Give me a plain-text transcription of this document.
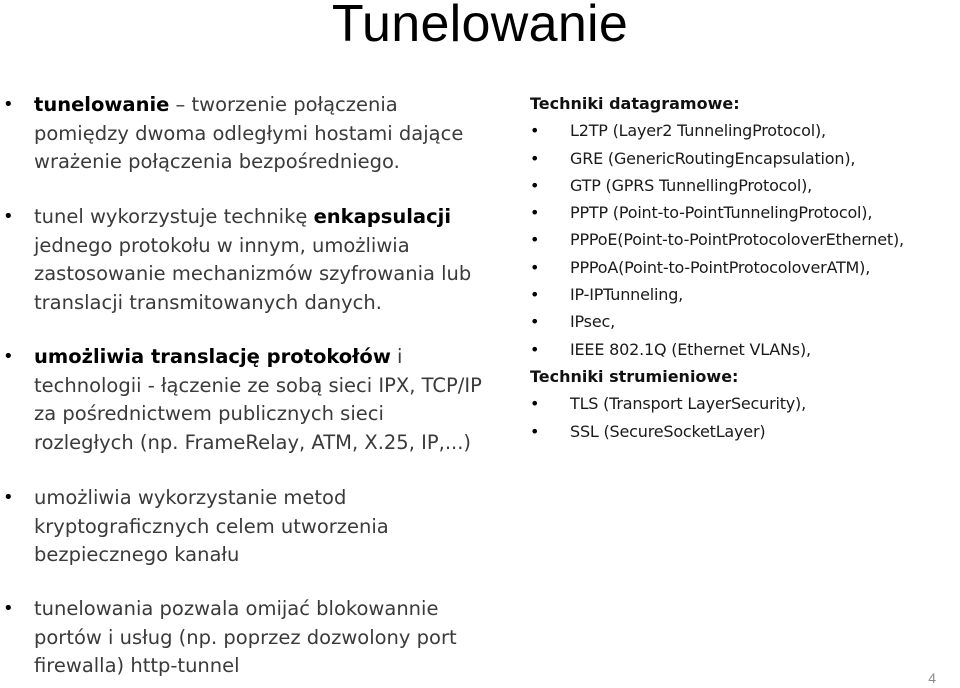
Tunelowanie
• tunelowanie – tworzenie połączenia
pomiędzy dwoma odległymi hostami dające
wrażenie połączenia bezpośredniego.
• tunel wykorzystuje technikę enkapsulacji
jednego protokołu w innym, umożliwia
zastosowanie mechanizmów szyfrowania lub
translacji transmitowanych danych.
• umożliwia translację protokołów i
technologii - łączenie ze sobą sieci IPX, TCP/IP
za pośrednictwem publicznych sieci
rozległych (np. FrameRelay, ATM, X.25, IP,...)
• umożliwia wykorzystanie metod
kryptograficznych celem utworzenia
bezpiecznego kanału
• tunelowania pozwala omijać blokowannie
portów i usług (np. poprzez dozwolony port
firewalla) http-tunnel
Techniki datagramowe:
• L2TP (Layer2 TunnelingProtocol),
• GRE (GenericRoutingEncapsulation),
• GTP (GPRS TunnellingProtocol),
• PPTP (Point-to-PointTunnelingProtocol),
• PPPoE(Point-to-PointProtocoloverEthernet),
• PPPoA(Point-to-PointProtocoloverATM),
• IP-IPTunneling,
• IPsec,
• IEEE 802.1Q (Ethernet VLANs),
Techniki strumieniowe:
• TLS (Transport LayerSecurity),
• SSL (SecureSocketLayer)
4
